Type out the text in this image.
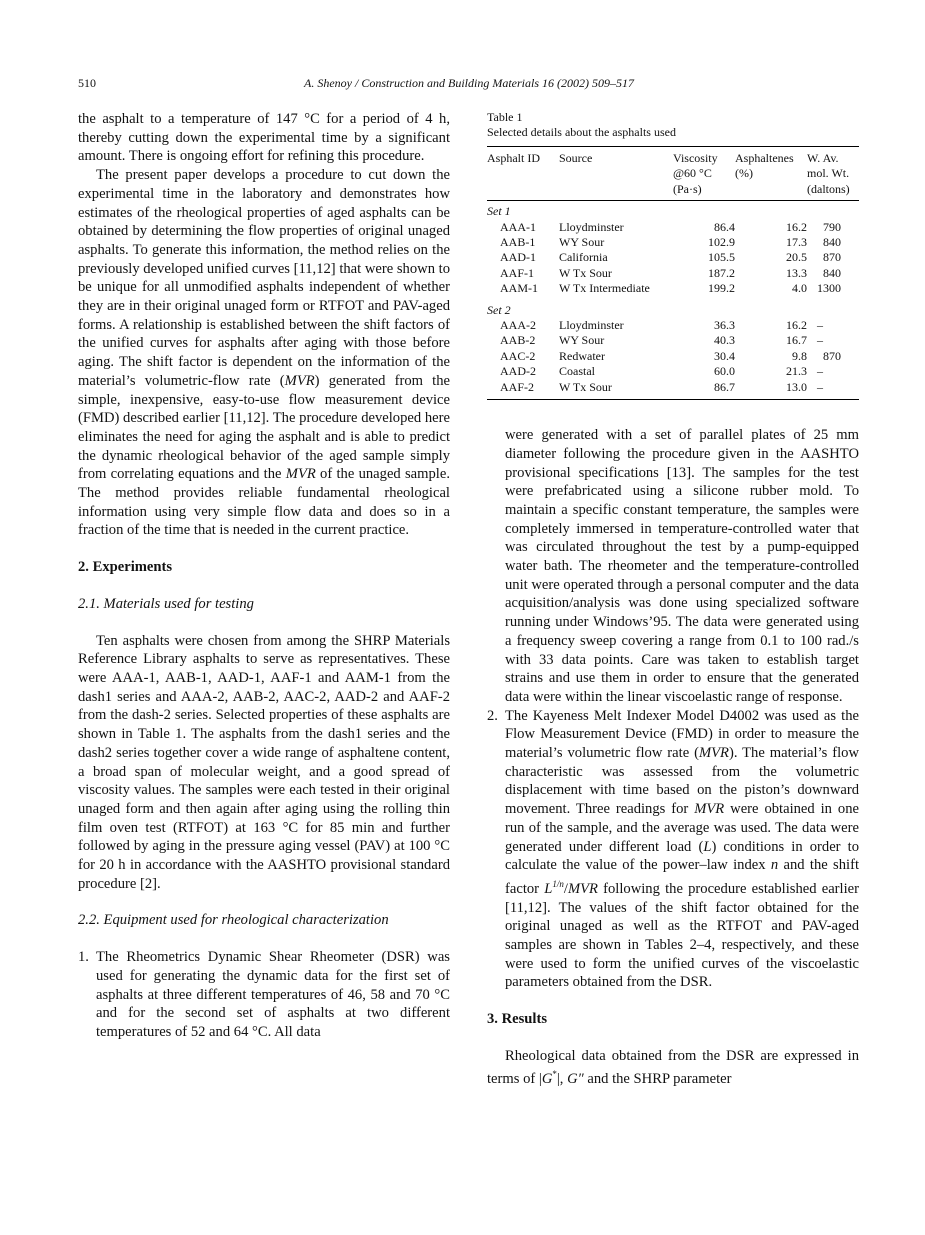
510	A. Shenoy / Construction and Building Materials 16 (2002) 509–517

the asphalt to a temperature of 147 °C for a period of 4 h, thereby cutting down the experimental time by a significant amount. There is ongoing effort for refining this procedure.

The present paper develops a procedure to cut down the experimental time in the laboratory and demonstrates how estimates of the rheological properties of aged asphalts can be obtained by determining the flow properties of original unaged asphalts. To generate this information, the method relies on the previously developed unified curves [11,12] that were shown to be unique for all unmodified asphalts independent of whether they are in their original unaged form or RTFOT and PAV-aged forms. A relationship is established between the shift factors of the unified curves for asphalts after aging with those before aging. The shift factor is dependent on the information of the material’s volumetric-flow rate (MVR) generated from the simple, inexpensive, easy-to-use flow measurement device (FMD) described earlier [11,12]. The procedure developed here eliminates the need for aging the asphalt and is able to predict the dynamic rheological behavior of the aged sample simply from correlating equations and the MVR of the unaged sample. The method provides reliable fundamental rheological information using very simple flow data and does so in a fraction of the time that is needed in the current practice.

2. Experiments
2.1. Materials used for testing

Ten asphalts were chosen from among the SHRP Materials Reference Library asphalts to serve as representatives. These were AAA-1, AAB-1, AAD-1, AAF-1 and AAM-1 from the dash1 series and AAA-2, AAB-2, AAC-2, AAD-2 and AAF-2 from the dash-2 series. Selected properties of these asphalts are shown in Table 1. The asphalts from the dash1 series and the dash2 series together cover a wide range of asphaltene content, a broad span of molecular weight, and a good spread of viscosity values. The samples were each tested in their original unaged form and then again after aging using the rolling thin film oven test (RTFOT) at 163 °C for 85 min and further followed by aging in the pressure aging vessel (PAV) at 100 °C for 20 h in accordance with the AASHTO provisional standard procedure [2].

2.2. Equipment used for rheological characterization
1. The Rheometrics Dynamic Shear Rheometer (DSR) was used for generating the dynamic data for the first set of asphalts at three different temperatures of 46, 58 and 70 °C and for the second set of asphalts at two different temperatures of 52 and 64 °C. All data
Table 1
Selected details about the asphalts used
Asphalt ID	Source	Viscosity
@60 °C
(Pa·s)	Asphaltenes
(%)	W. Av.
mol. Wt.
(daltons)
Set 1				
AAA-1	Lloydminster	86.4	16.2	790
AAB-1	WY Sour	102.9	17.3	840
AAD-1	California	105.5	20.5	870
AAF-1	W Tx Sour	187.2	13.3	840
AAM-1	W Tx Intermediate	199.2	4.0	1300
Set 2				
AAA-2	Lloydminster	36.3	16.2	–
AAB-2	WY Sour	40.3	16.7	–
AAC-2	Redwater	30.4	9.8	870
AAD-2	Coastal	60.0	21.3	–
AAF-2	W Tx Sour	86.7	13.0	–
were generated with a set of parallel plates of 25 mm diameter following the procedure given in the AASHTO provisional specifications [13]. The samples for the test were prefabricated using a silicone rubber mold. To maintain a specific constant temperature, the samples were completely immersed in temperature-controlled water that was circulated throughout the test by a pump-equipped water bath. The rheometer and the temperature-controlled unit were operated through a personal computer and the data acquisition/analysis was done using specialized software running under Windows’95. The data were generated using a frequency sweep covering a range from 0.1 to 100 rad./s with 33 data points. Care was taken to establish target strains and use them in order to ensure that the generated data were within the linear viscoelastic range of response.
2. The Kayeness Melt Indexer Model D4002 was used as the Flow Measurement Device (FMD) in order to measure the material’s volumetric flow rate (MVR). The material’s flow characteristic was assessed from the volumetric displacement with time based on the piston’s downward movement. Three readings for MVR were obtained in one run of the sample, and the average was used. The data were generated under different load (L) conditions in order to calculate the value of the power–law index n and the shift factor $L^{1/n}$/MVR following the procedure established earlier [11,12]. The values of the shift factor obtained for the original unaged as well as the RTFOT and PAV-aged samples are shown in Tables 2–4, respectively, and these were used to form the unified curves of the viscoelastic parameters obtained from the DSR.
3. Results

Rheological data obtained from the DSR are expressed in terms of |G*|, G″ and the SHRP parameter
